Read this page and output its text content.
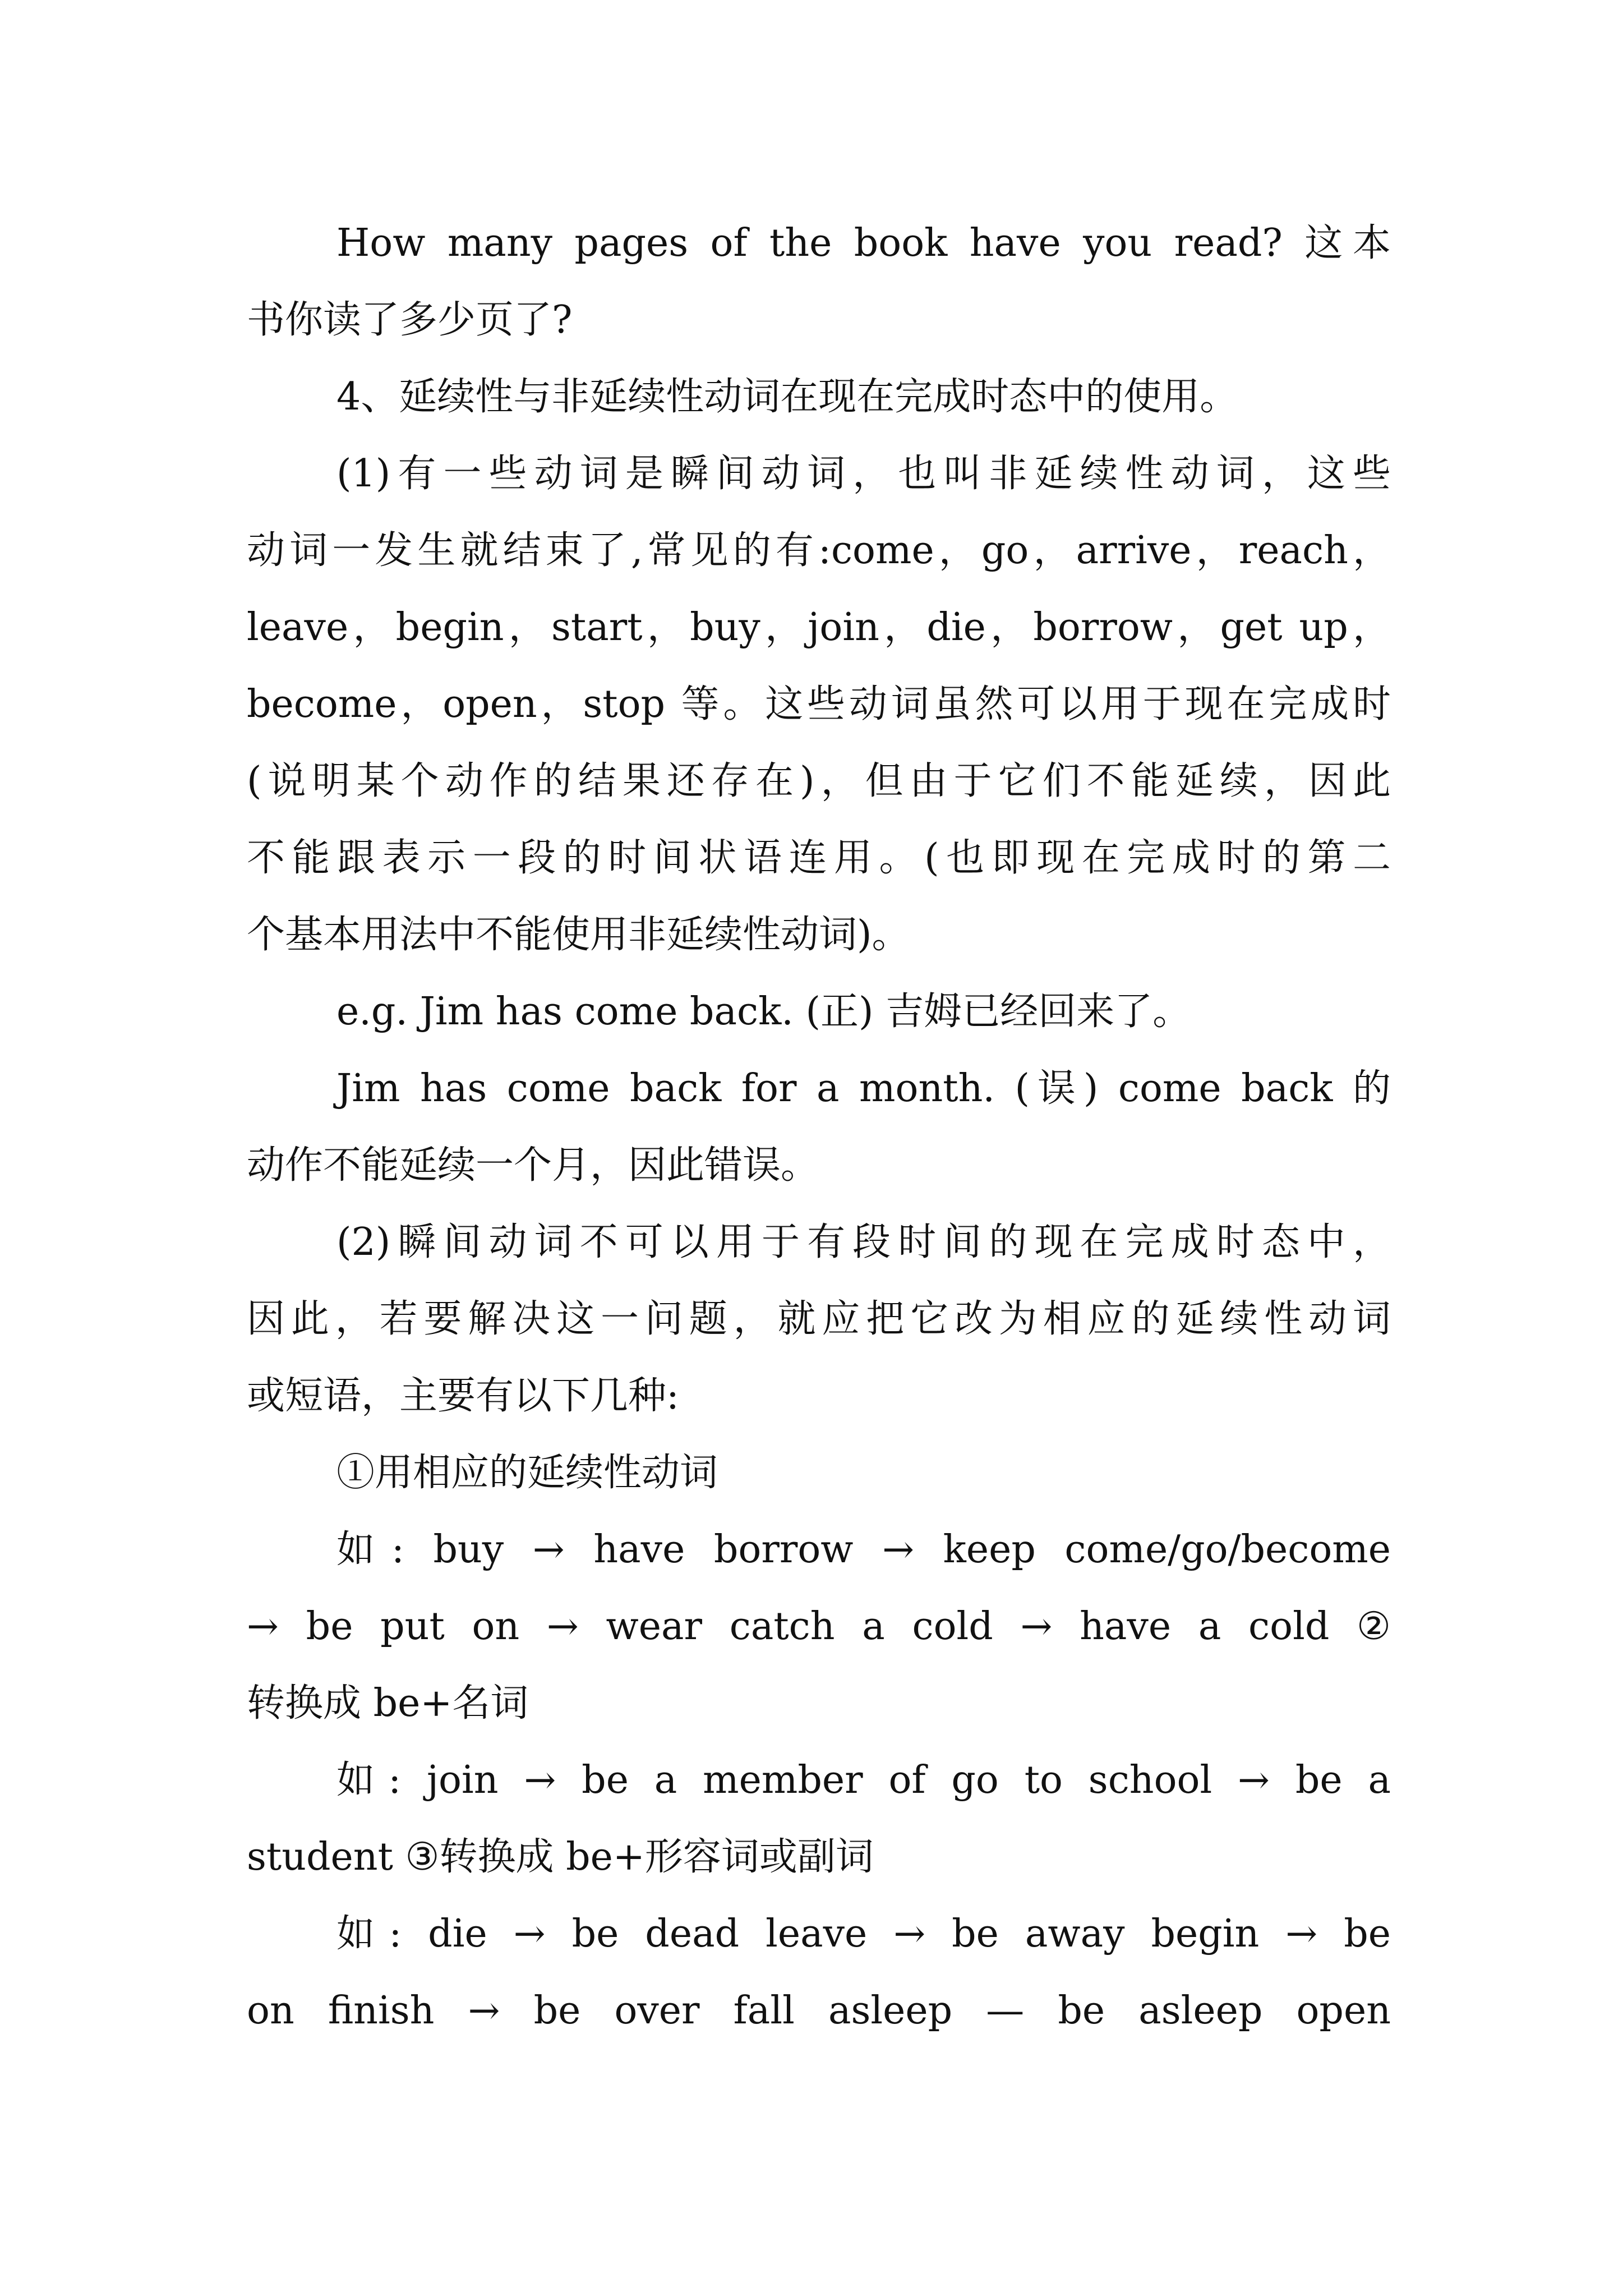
How many pages of the book have you read? 这本
书你读了多少页了?
4、延续性与非延续性动词在现在完成时态中的使用。
(1)有一些动词是瞬间动词，也叫非延续性动词，这些
动词一发生就结束了,常见的有:come，go，arrive，reach，
leave，begin，start，buy，join，die，borrow，get up，
become，open，stop 等。这些动词虽然可以用于现在完成时
(说明某个动作的结果还存在)，但由于它们不能延续，因此
不能跟表示一段的时间状语连用。(也即现在完成时的第二
个基本用法中不能使用非延续性动词)。
e.g. Jim has come back. (正) 吉姆已经回来了。
Jim has come back for a month. (误) come back 的
动作不能延续一个月，因此错误。
(2)瞬间动词不可以用于有段时间的现在完成时态中，
因此，若要解决这一问题，就应把它改为相应的延续性动词
或短语，主要有以下几种:
①用相应的延续性动词
如: buy → have borrow → keep come/go/become
→ be put on → wear catch a cold → have a cold ②
转换成 be+名词
如: join → be a member of go to school → be a
student ③转换成 be+形容词或副词
如: die → be dead leave → be away begin → be
on finish → be over fall asleep — be asleep open
